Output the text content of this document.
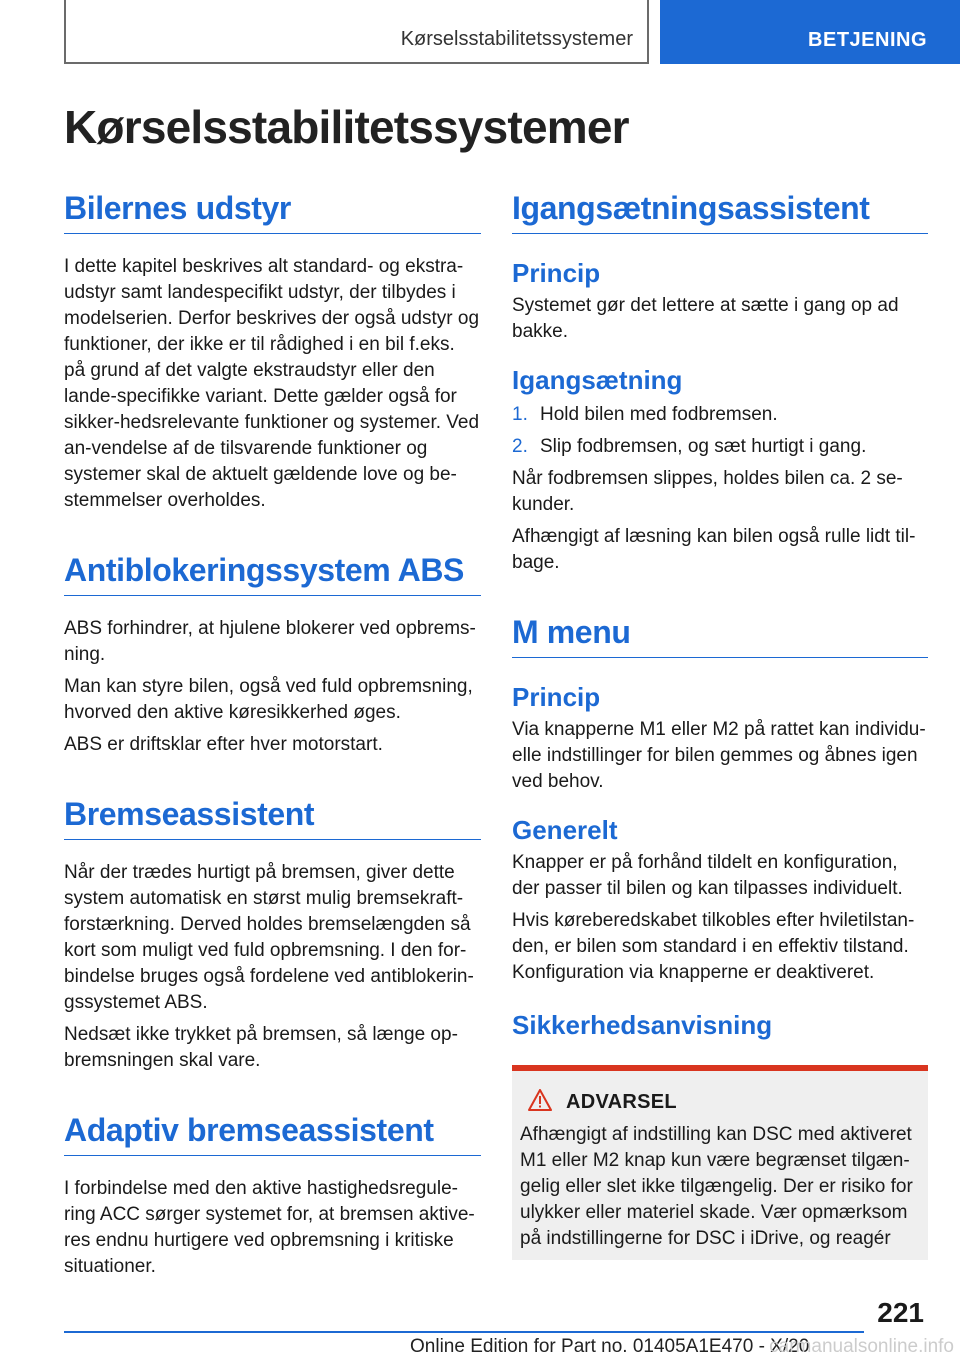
Kørselsstabilitetssystemer	BETJENING
Kørselsstabilitetssystemer
Bilernes udstyr

I dette kapitel beskrives alt standard- og ekstra-udstyr samt landespecifikt udstyr, der tilbydes i modelserien. Derfor beskrives der også udstyr og funktioner, der ikke er til rådighed i en bil f.eks. på grund af det valgte ekstraudstyr eller den lande-specifikke variant. Dette gælder også for sikker-hedsrelevante funktioner og systemer. Ved an-vendelse af de tilsvarende funktioner og systemer skal de aktuelt gældende love og be-stemmelser overholdes.

Antiblokeringssystem ABS

ABS forhindrer, at hjulene blokerer ved opbrems-ning.

Man kan styre bilen, også ved fuld opbremsning, hvorved den aktive køresikkerhed øges.

ABS er driftsklar efter hver motorstart.

Bremseassistent

Når der trædes hurtigt på bremsen, giver dette system automatisk en størst mulig bremsekraft-forstærkning. Derved holdes bremselængden så kort som muligt ved fuld opbremsning. I den for-bindelse bruges også fordelene ved antiblokerin-gssystemet ABS.

Nedsæt ikke trykket på bremsen, så længe op-bremsningen skal vare.

Adaptiv bremseassistent

I forbindelse med den aktive hastighedsregule-ring ACC sørger systemet for, at bremsen aktive-res endnu hurtigere ved opbremsning i kritiske situationer.

Igangsætningsassistent
Princip

Systemet gør det lettere at sætte i gang op ad bakke.

Igangsætning
1. Hold bilen med fodbremsen.
2. Slip fodbremsen, og sæt hurtigt i gang.

Når fodbremsen slippes, holdes bilen ca. 2 se-kunder.

Afhængigt af læsning kan bilen også rulle lidt til-bage.

M menu
Princip

Via knapperne M1 eller M2 på rattet kan individu-elle indstillinger for bilen gemmes og åbnes igen ved behov.

Generelt

Knapper er på forhånd tildelt en konfiguration, der passer til bilen og kan tilpasses individuelt.

Hvis køreberedskabet tilkobles efter hviletilstan-den, er bilen som standard i en effektiv tilstand. Konfiguration via knapperne er deaktiveret.

Sikkerhedsanvisning
ADVARSEL

Afhængigt af indstilling kan DSC med aktiveret M1 eller M2 knap kun være begrænset tilgæn-gelig eller slet ikke tilgængelig. Der er risiko for ulykker eller materiel skade. Vær opmærksom på indstillingerne for DSC i iDrive, og reagér

221
Online Edition for Part no. 01405A1E470 - X/20
carmanualsonline.info
